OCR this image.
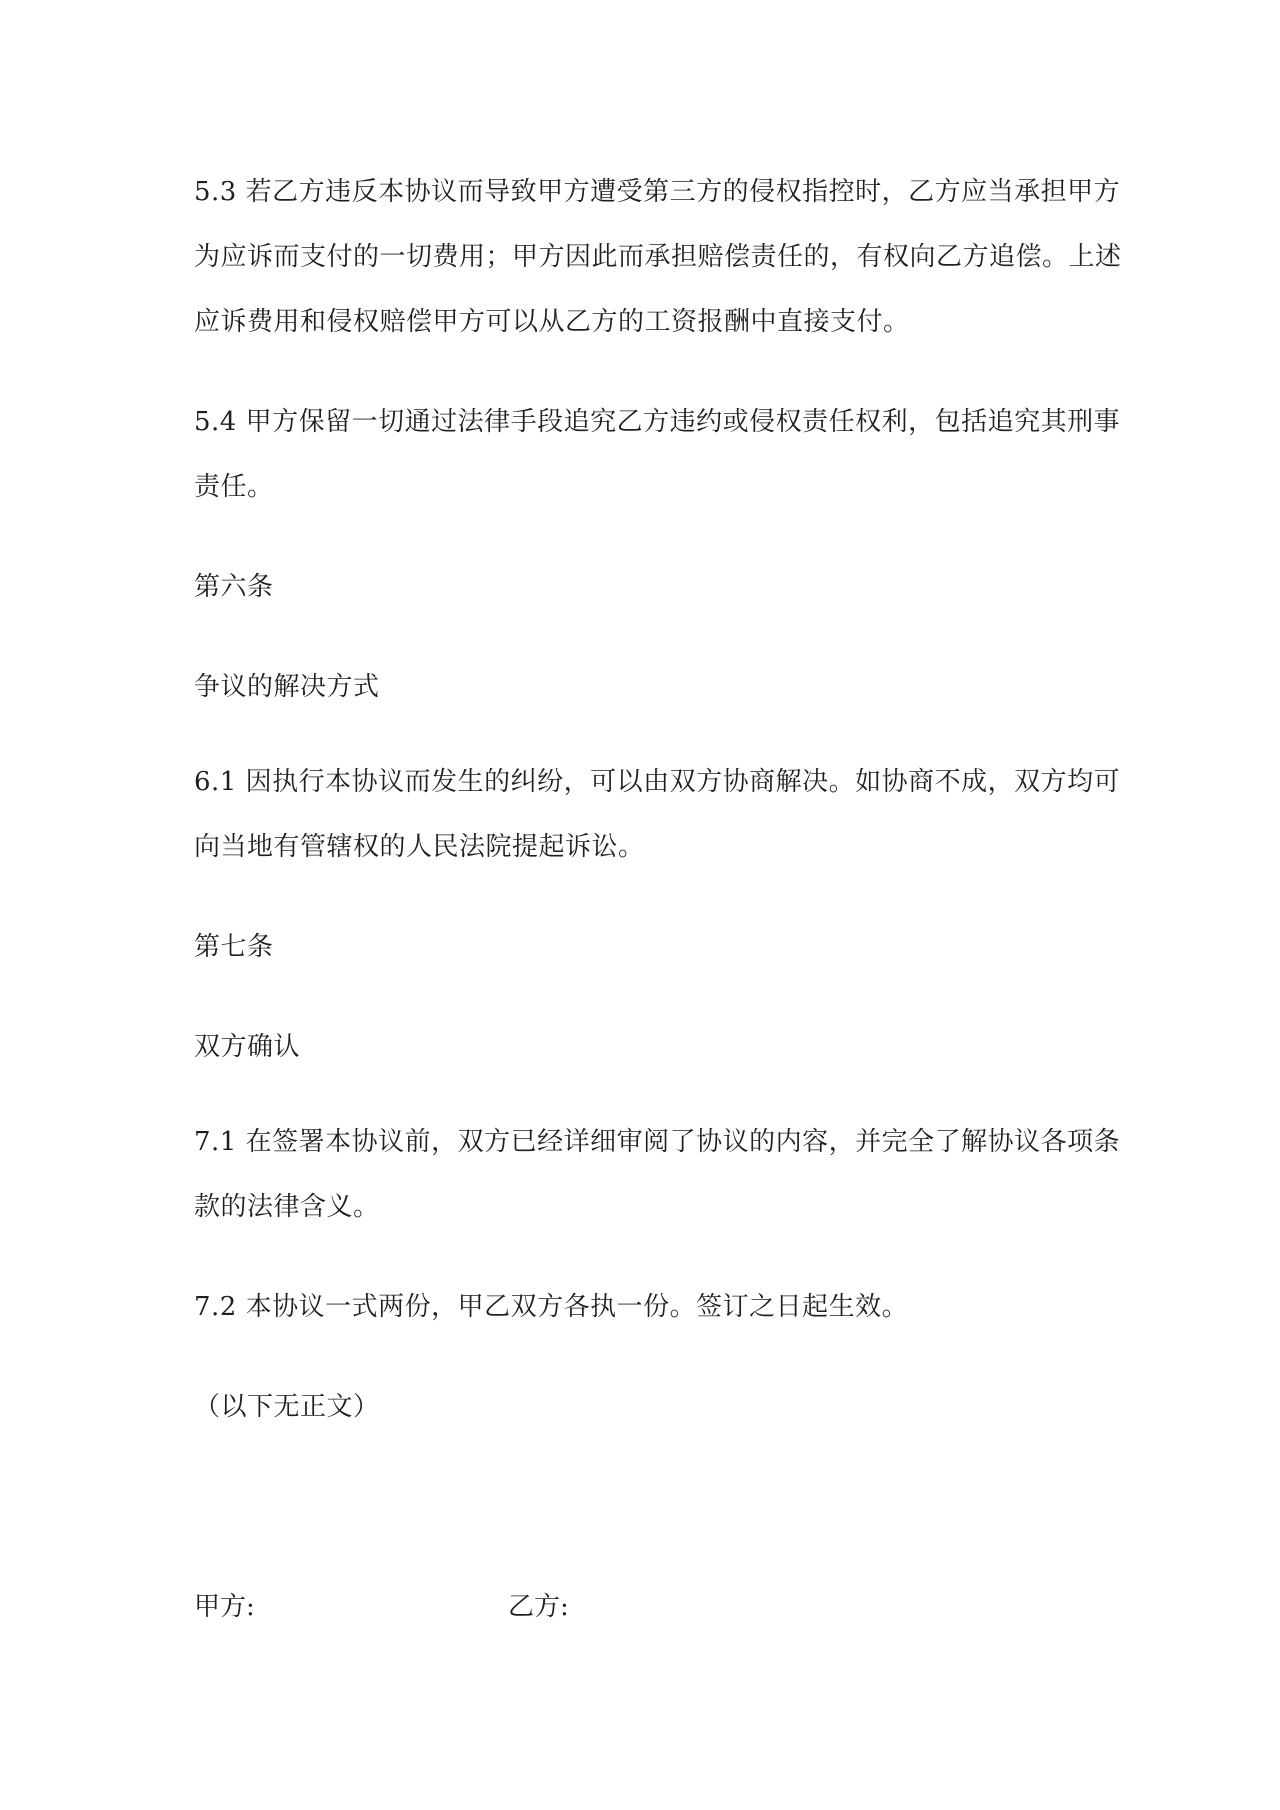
5.3 若乙方违反本协议而导致甲方遭受第三方的侵权指控时，乙方应当承担甲方
为应诉而支付的一切费用；甲方因此而承担赔偿责任的，有权向乙方追偿。上述
应诉费用和侵权赔偿甲方可以从乙方的工资报酬中直接支付。
5.4 甲方保留一切通过法律手段追究乙方违约或侵权责任权利，包括追究其刑事
责任。
第六条
争议的解决方式
6.1 因执行本协议而发生的纠纷，可以由双方协商解决。如协商不成，双方均可
向当地有管辖权的人民法院提起诉讼。
第七条
双方确认
7.1 在签署本协议前，双方已经详细审阅了协议的内容，并完全了解协议各项条
款的法律含义。
7.2 本协议一式两份，甲乙双方各执一份。签订之日起生效。
（以下无正文）
甲方:	乙方:
